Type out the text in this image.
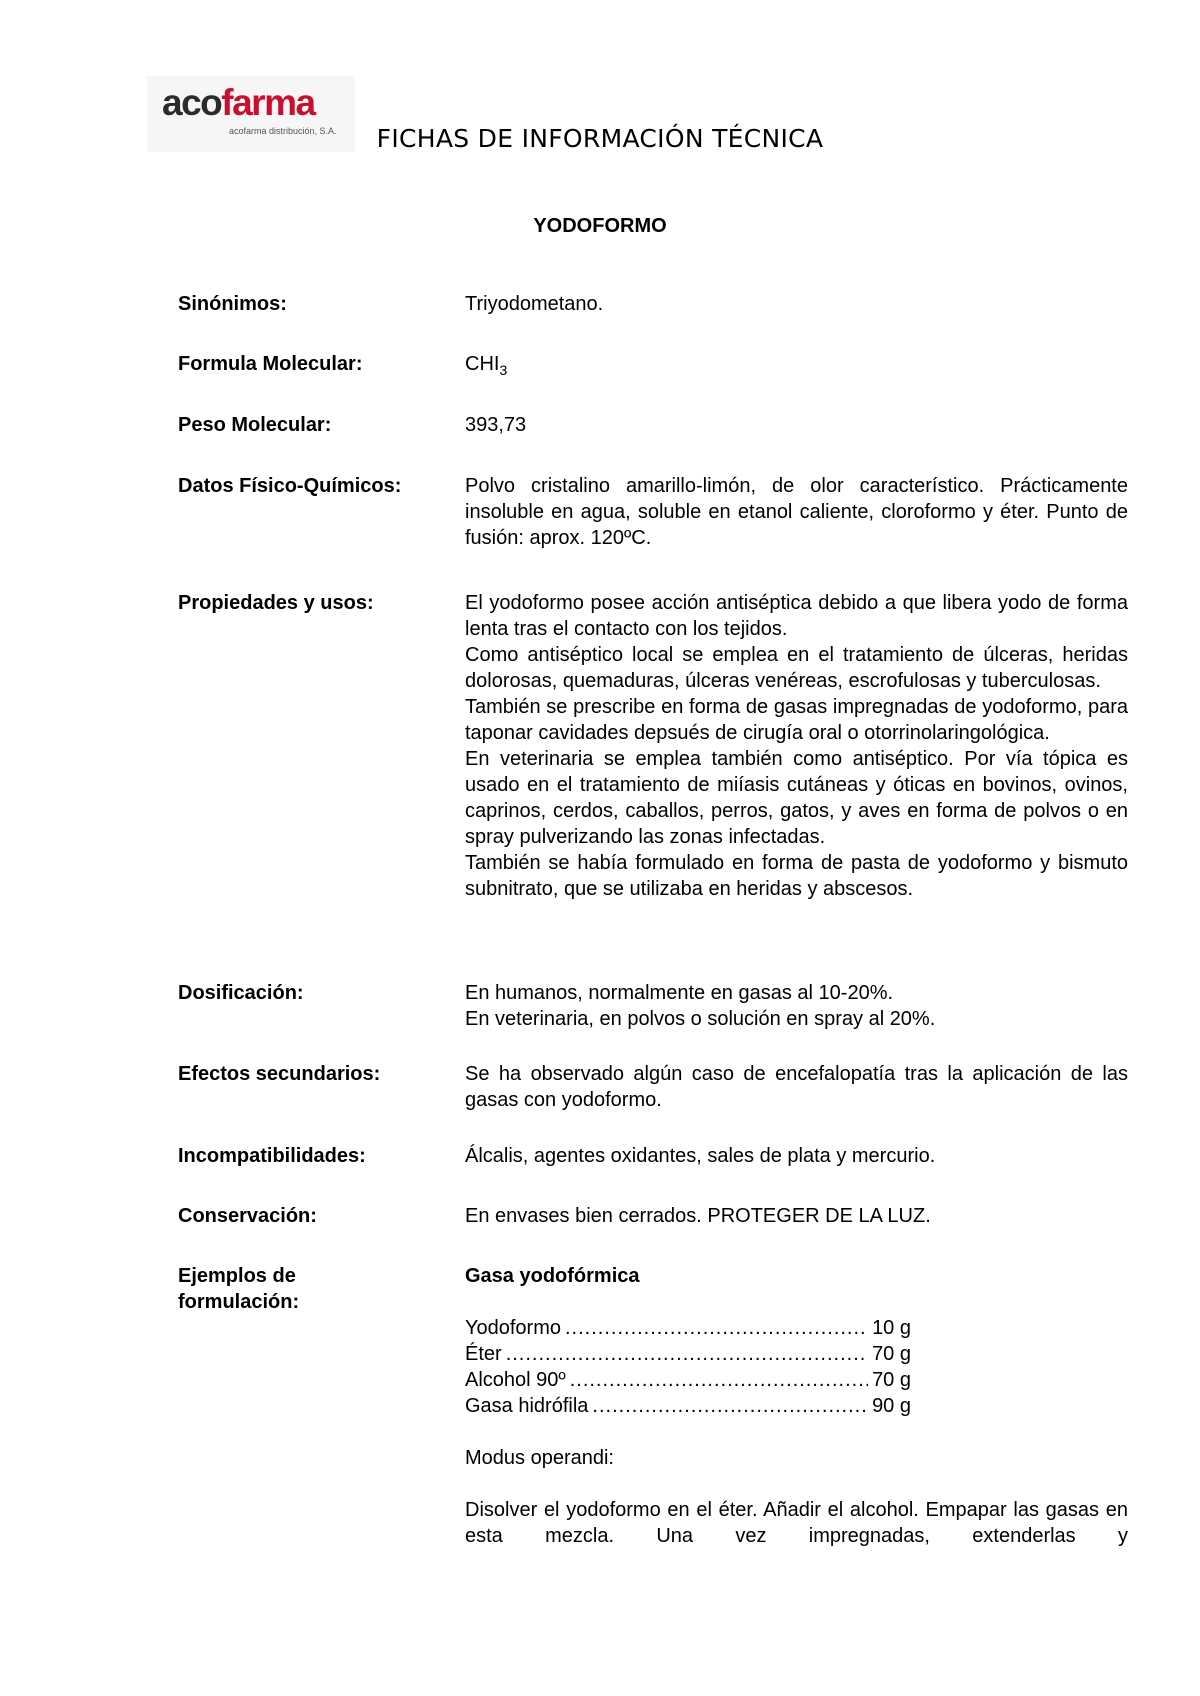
acofarma
acofarma distribución, S.A.	FICHAS DE INFORMACIÓN TÉCNICA
YODOFORMO
Sinónimos:	Triyodometano.
Formula Molecular:	$CHI_3$
Peso Molecular:	393,73
Datos Físico-Químicos:	Polvo cristalino amarillo-limón, de olor característico. Prácticamente insoluble en agua, soluble en etanol caliente, cloroformo y éter. Punto de fusión: aprox. 120ºC.
Propiedades y usos:	El yodoformo posee acción antiséptica debido a que libera yodo de forma lenta tras el contacto con los tejidos.

Como antiséptico local se emplea en el tratamiento de úlceras, heridas dolorosas, quemaduras, úlceras venéreas, escrofulosas y tuberculosas.

También se prescribe en forma de gasas impregnadas de yodoformo, para taponar cavidades depsués de cirugía oral o otorrinolaringológica.

En veterinaria se emplea también como antiséptico. Por vía tópica es usado en el tratamiento de miíasis cutáneas y óticas en bovinos, ovinos, caprinos, cerdos, caballos, perros, gatos, y aves en forma de polvos o en spray pulverizando las zonas infectadas.

También se había formulado en forma de pasta de yodoformo y bismuto subnitrato, que se utilizaba en heridas y abscesos.

Dosificación:	En humanos, normalmente en gasas al 10-20%.

En veterinaria, en polvos o solución en spray al 20%.

Efectos secundarios:	Se ha observado algún caso de encefalopatía tras la aplicación de las gasas con yodoformo.
Incompatibilidades:	Álcalis, agentes oxidantes, sales de plata y mercurio.
Conservación:	En envases bien cerrados. PROTEGER DE LA LUZ.
Ejemplos de
formulación:
Gasa yodofórmica
Yodoformo .....	10 g
Éter .....	70 g
Alcohol 90º .....	70 g
Gasa hidrófila .....	90 g
Modus operandi:
Disolver el yodoformo en el éter. Añadir el alcohol. Empapar las gasas en esta mezcla. Una vez impregnadas, extenderlas y
